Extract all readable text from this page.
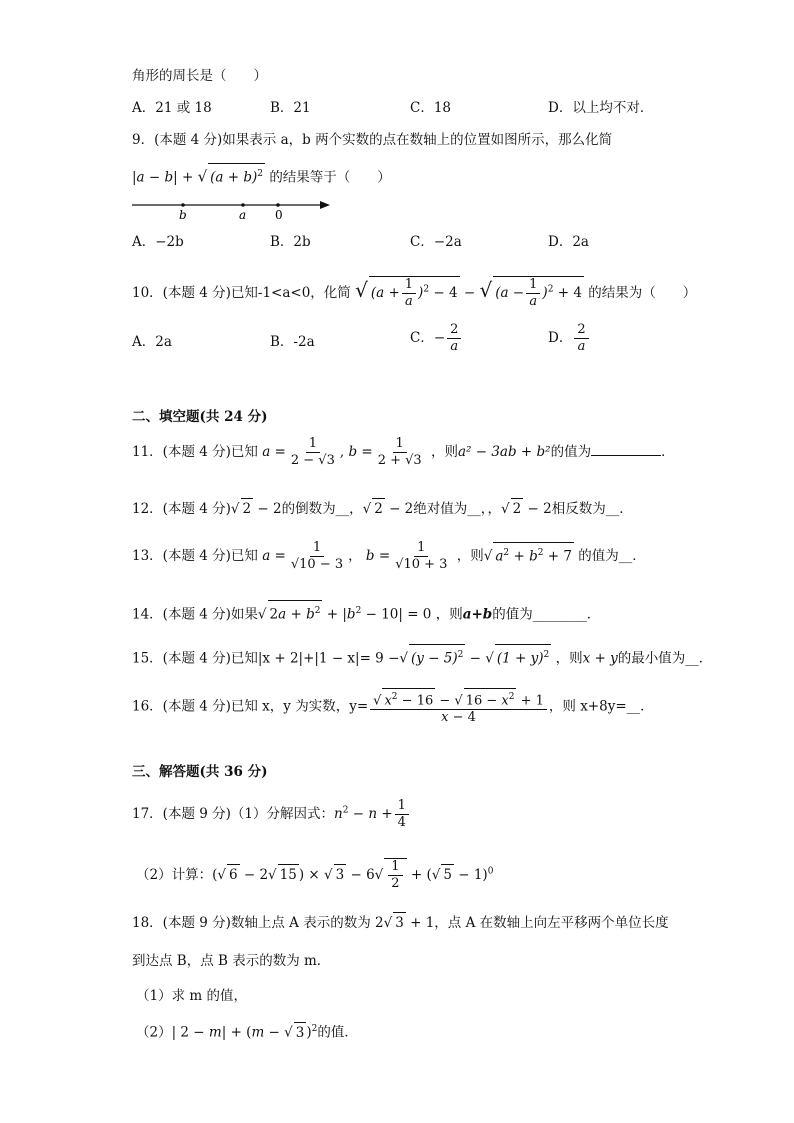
角形的周长是（　　）
A．21 或 18	B．21	C．18	D．以上均不对．
9．(本题 4 分)如果表示 a，b 两个实数的点在数轴上的位置如图所示，那么化简
|a − b| + √ $(a + b)^2$ 的结果等于（　　）
b	a 0
A．−2b	B．2b	C．−2a	D．2a
10．(本题 4 分)已知-1<a<0，化简 √ $(a + \frac{1}{a} )^2 - 4$ − √ $(a - \frac{1}{a} )^2 + 4$ 的结果为（　　）
A．2a	B．-2a	C．− $\frac{2}{a}$	D． $\frac{2}{a}$
二、填空题(共 24 分)
11．(本题 4 分)已知 $a = \frac{1}{2 - √3}$ , $b = \frac{1}{2 + √3}$ ，则a² − 3ab + b²的值为	．
12．(本题 4 分)√ 2 − 2的倒数为__，√ 2 − 2绝对值为__，，√ 2 − 2相反数为__．
13．(本题 4 分)已知 $a = \frac{1}{√10 - 3}$ ， $b = \frac{1}{√10 + 3}$ ，则√ $a^2 + b^2 + 7$ 的值为__．
14．(本题 4 分)如果√ $2a + b^2 + |b^2 - 10| = 0$ ，则a+b的值为________．
15．(本题 4 分)已知|x + 2|+|1 − x|= 9 −√ $(y - 5)^2$ − √ $(1 + y)^2$ ，则x + y的最小值为__．
16．(本题 4 分)已知 x，y 为实数，$y= \frac{√ x^2 - 16 - √ 16 - x^2 + 1}{x - 4}$ ，则 x+8y=__．
三、解答题(共 36 分)
17．(本题 9 分)（1）分解因式：$n^2 - n + \frac{1}{4}$
（2）计算：(√ 6 − 2√ 15 ) × √ $3 - 6√ \frac{1}{2}$ + (√ 5 − 1)$^0$
18．(本题 9 分)数轴上点 A 表示的数为 2√ 3 + 1，点 A 在数轴上向左平移两个单位长度
到达点 B，点 B 表示的数为 m．
（1）求 m 的值，
（2）| 2 − m| + (m − √ 3 )$^2$的值．
